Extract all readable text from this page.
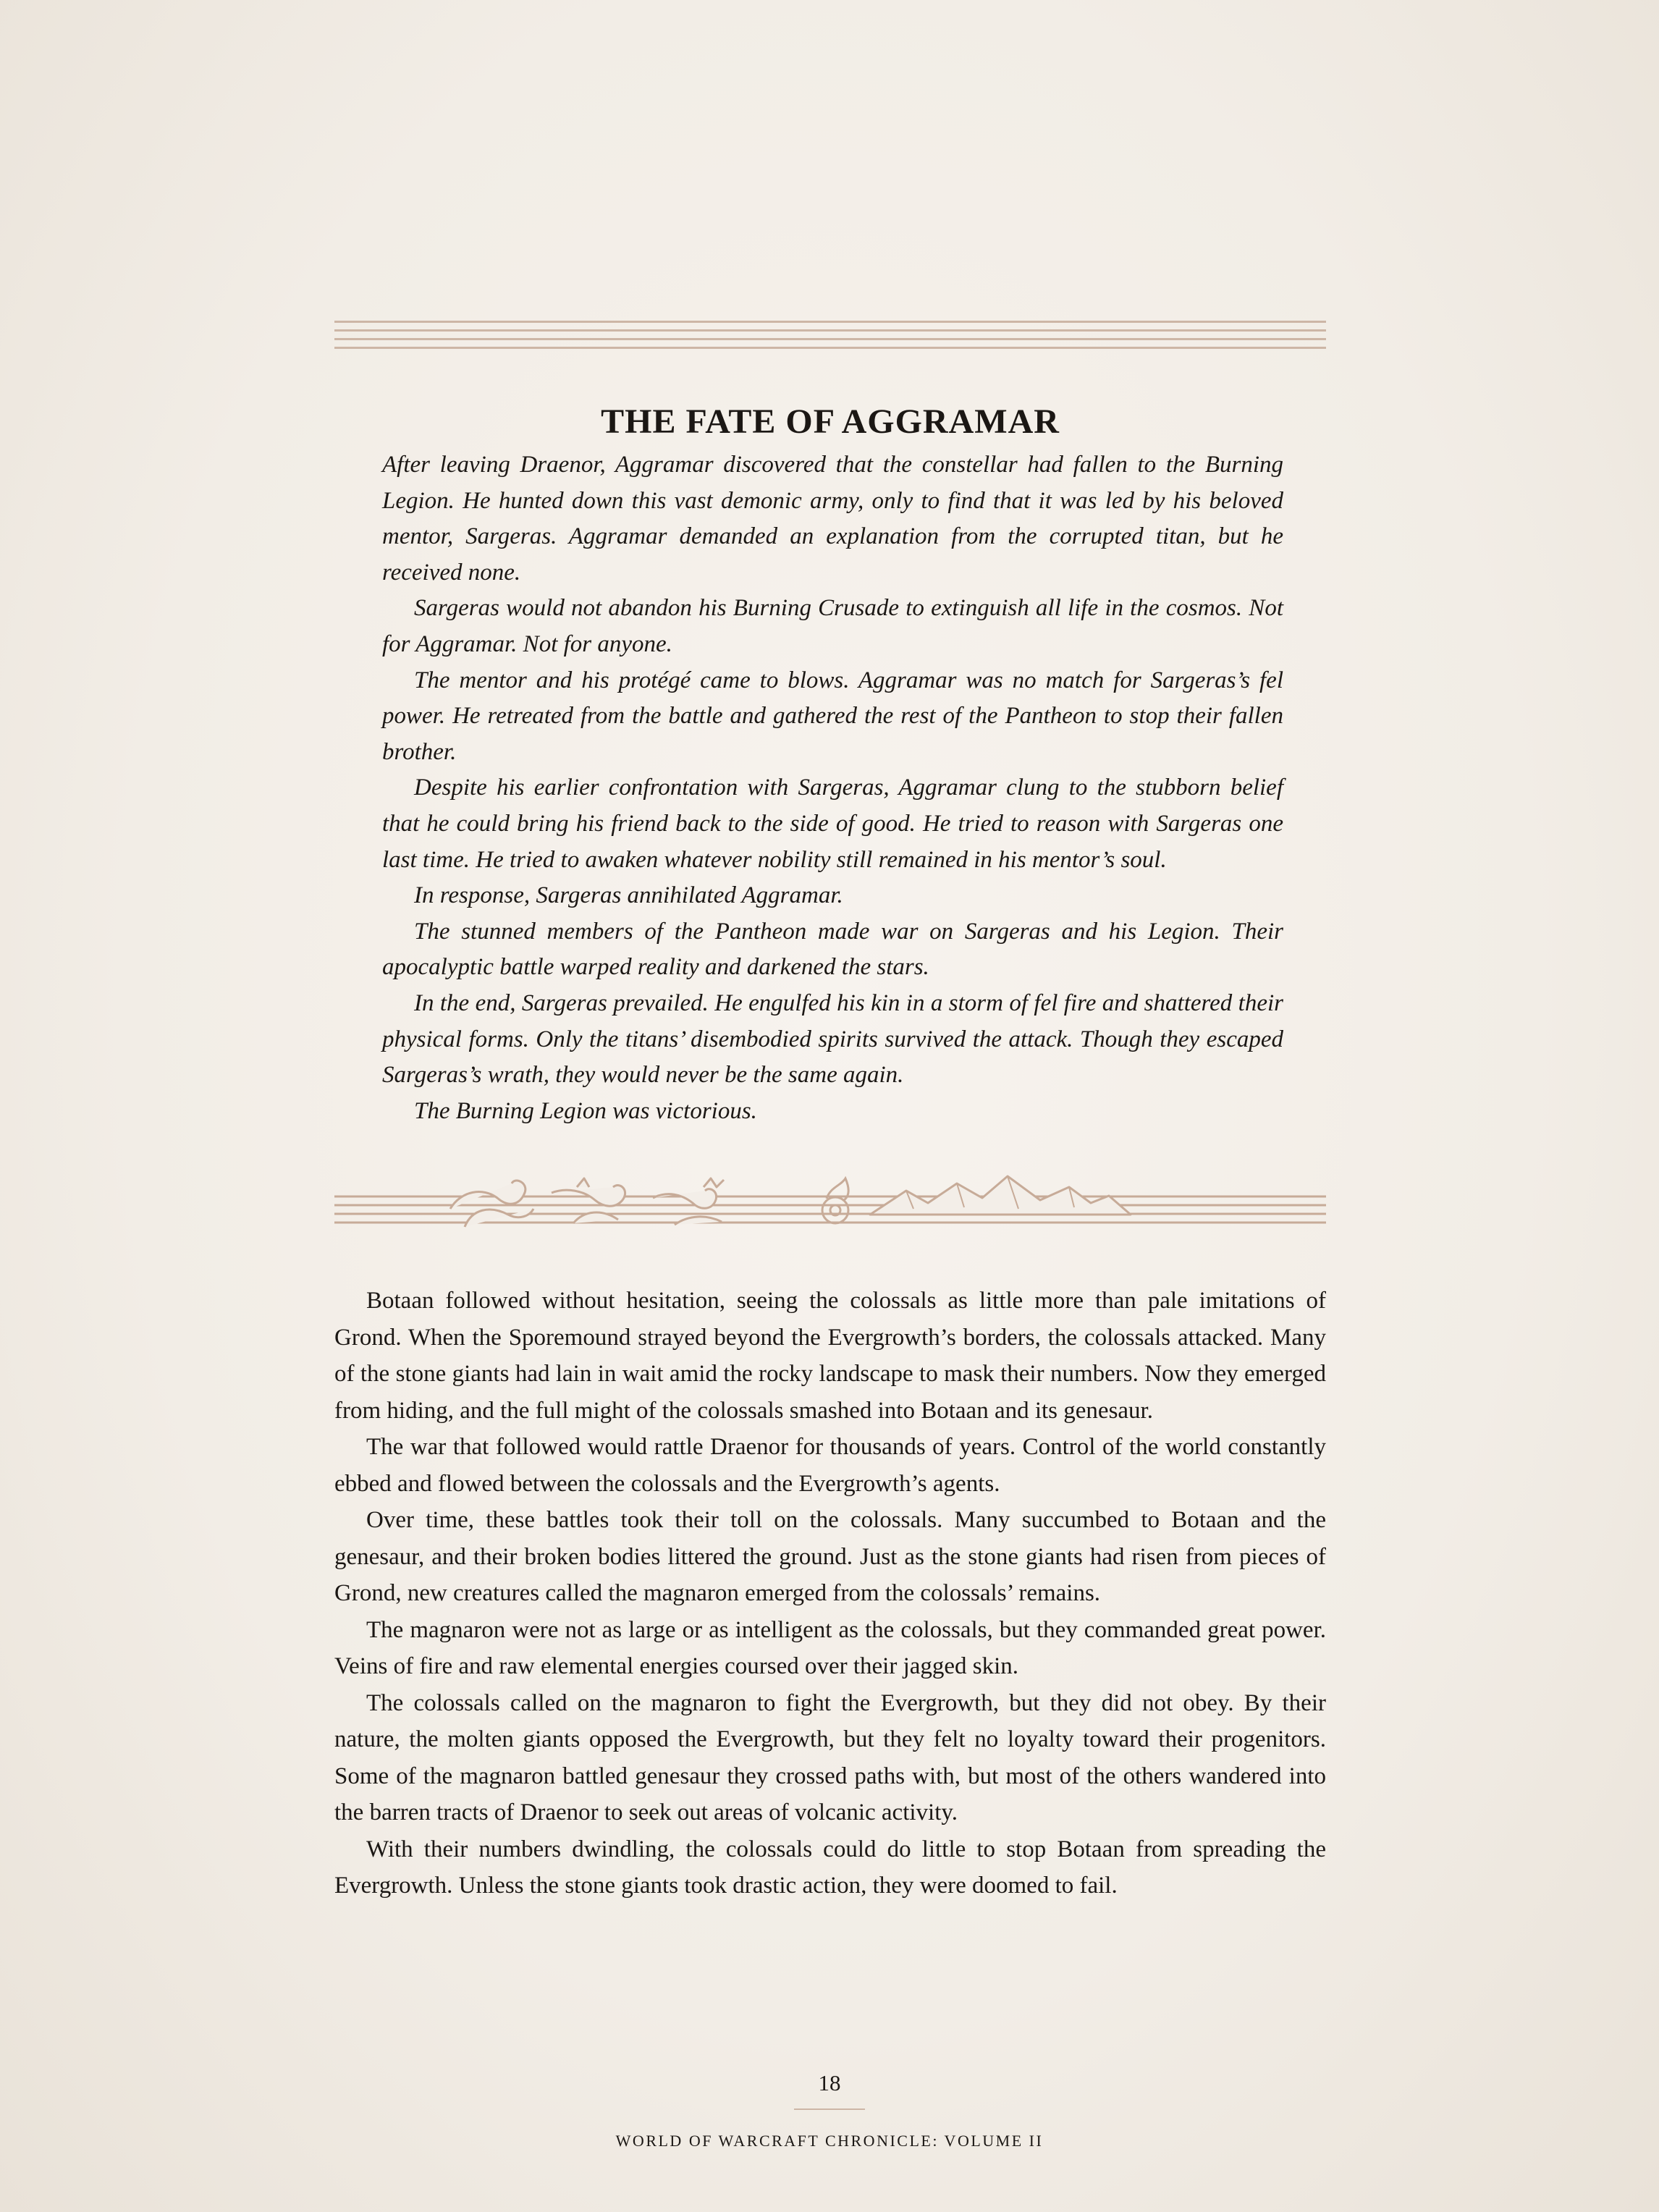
THE FATE OF AGGRAMAR

After leaving Draenor, Aggramar discovered that the constellar had fallen to the Burning Legion. He hunted down this vast demonic army, only to find that it was led by his beloved mentor, Sargeras. Aggramar demanded an explanation from the corrupted titan, but he received none.

Sargeras would not abandon his Burning Crusade to extinguish all life in the cosmos. Not for Aggramar. Not for anyone.

The mentor and his protégé came to blows. Aggramar was no match for Sargeras’s fel power. He retreated from the battle and gathered the rest of the Pantheon to stop their fallen brother.

Despite his earlier confrontation with Sargeras, Aggramar clung to the stubborn belief that he could bring his friend back to the side of good. He tried to reason with Sargeras one last time. He tried to awaken whatever nobility still remained in his mentor’s soul.

In response, Sargeras annihilated Aggramar.

The stunned members of the Pantheon made war on Sargeras and his Legion. Their apocalyptic battle warped reality and darkened the stars.

In the end, Sargeras prevailed. He engulfed his kin in a storm of fel fire and shattered their physical forms. Only the titans’ disembodied spirits survived the attack. Though they escaped Sargeras’s wrath, they would never be the same again.

The Burning Legion was victorious.

Botaan followed without hesitation, seeing the colossals as little more than pale imitations of Grond. When the Sporemound strayed beyond the Evergrowth’s borders, the colossals attacked. Many of the stone giants had lain in wait amid the rocky landscape to mask their numbers. Now they emerged from hiding, and the full might of the colossals smashed into Botaan and its genesaur.

The war that followed would rattle Draenor for thousands of years. Control of the world constantly ebbed and flowed between the colossals and the Evergrowth’s agents.

Over time, these battles took their toll on the colossals. Many succumbed to Botaan and the genesaur, and their broken bodies littered the ground. Just as the stone giants had risen from pieces of Grond, new creatures called the magnaron emerged from the colossals’ remains.

The magnaron were not as large or as intelligent as the colossals, but they commanded great power. Veins of fire and raw elemental energies coursed over their jagged skin.

The colossals called on the magnaron to fight the Evergrowth, but they did not obey. By their nature, the molten giants opposed the Evergrowth, but they felt no loyalty toward their progenitors. Some of the magnaron battled genesaur they crossed paths with, but most of the others wandered into the barren tracts of Draenor to seek out areas of volcanic activity.

With their numbers dwindling, the colossals could do little to stop Botaan from spreading the Evergrowth. Unless the stone giants took drastic action, they were doomed to fail.

18
WORLD OF WARCRAFT CHRONICLE: VOLUME II
